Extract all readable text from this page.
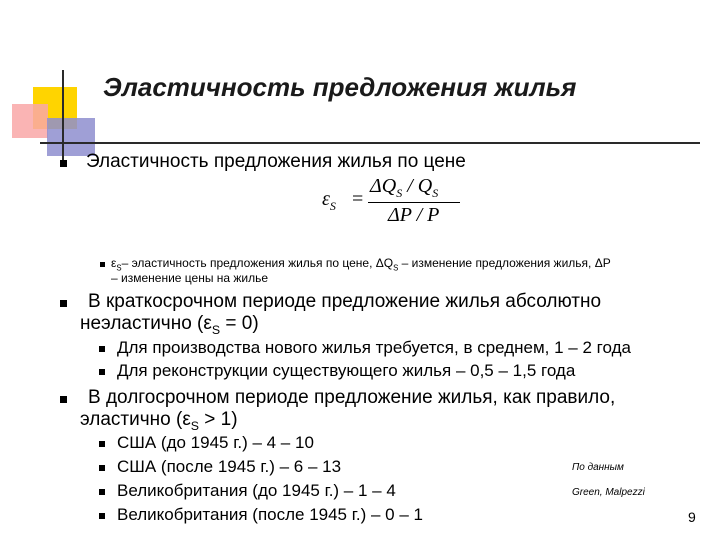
Эластичность предложения жилья
Эластичность предложения жилья по цене
$\varepsilon_S$ =
$\Delta Q_S / Q_S$
ΔP / P
$\varepsilon_S-$ эластичность предложения жилья по цене, $\Delta Q_S$ – изменение предложения жилья, ΔP
– изменение цены на жилье
В краткосрочном периоде предложение жилья абсолютно
неэластично $(\varepsilon_S = 0)$
Для производства нового жилья требуется, в среднем, 1 – 2 года
Для реконструкции существующего жилья – 0,5 – 1,5 года
В долгосрочном периоде предложение жилья, как правило,
эластично $(\varepsilon_S > 1)$
США (до 1945 г.) – 4 – 10
США (после 1945 г.) – 6 – 13
Великобритания (до 1945 г.) – 1 – 4
Великобритания (после 1945 г.) – 0 – 1
По данным
Green, Malpezzi
9
